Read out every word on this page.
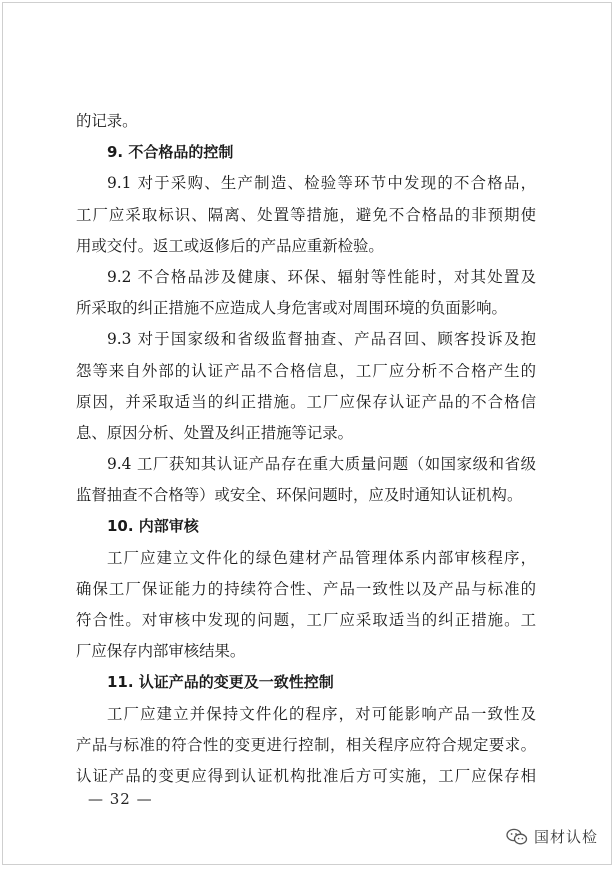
的记录。
9. 不合格品的控制
9.1 对于采购、生产制造、检验等环节中发现的不合格品，
工厂应采取标识、隔离、处置等措施，避免不合格品的非预期使
用或交付。返工或返修后的产品应重新检验。
9.2 不合格品涉及健康、环保、辐射等性能时，对其处置及
所采取的纠正措施不应造成人身危害或对周围环境的负面影响。
9.3 对于国家级和省级监督抽查、产品召回、顾客投诉及抱
怨等来自外部的认证产品不合格信息，工厂应分析不合格产生的
原因，并采取适当的纠正措施。工厂应保存认证产品的不合格信
息、原因分析、处置及纠正措施等记录。
9.4 工厂获知其认证产品存在重大质量问题（如国家级和省级
监督抽查不合格等）或安全、环保问题时，应及时通知认证机构。
10. 内部审核
工厂应建立文件化的绿色建材产品管理体系内部审核程序，
确保工厂保证能力的持续符合性、产品一致性以及产品与标准的
符合性。对审核中发现的问题，工厂应采取适当的纠正措施。工
厂应保存内部审核结果。
11. 认证产品的变更及一致性控制
工厂应建立并保持文件化的程序，对可能影响产品一致性及
产品与标准的符合性的变更进行控制，相关程序应符合规定要求。
认证产品的变更应得到认证机构批准后方可实施，工厂应保存相
— 32 —
国材认检
